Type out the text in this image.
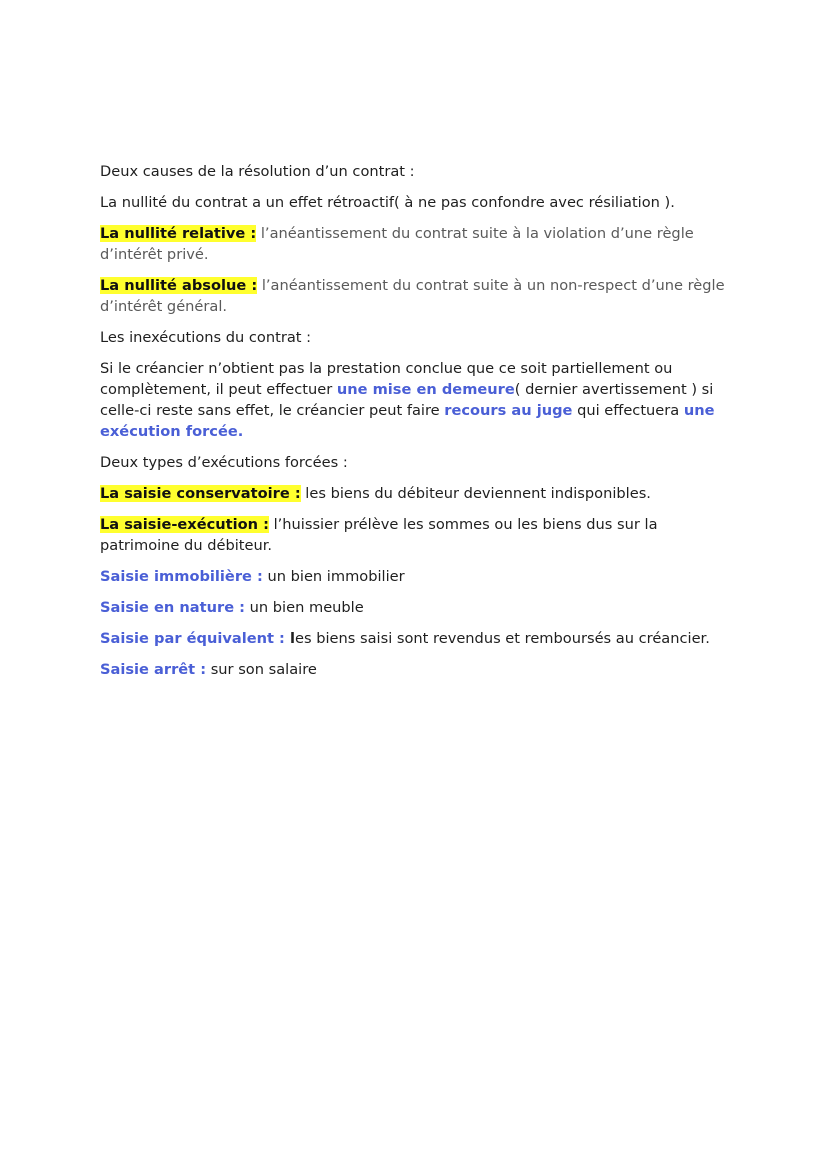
Deux causes de la résolution d’un contrat :

La nullité du contrat a un effet rétroactif( à ne pas confondre avec résiliation ).

La nullité relative : l’anéantissement du contrat suite à la violation d’une règle d’intérêt privé.

La nullité absolue : l’anéantissement du contrat suite à un non-respect d’une règle d’intérêt général.

Les inexécutions du contrat :

Si le créancier n’obtient pas la prestation conclue que ce soit partiellement ou complètement, il peut effectuer une mise en demeure( dernier avertissement ) si celle-ci reste sans effet, le créancier peut faire recours au juge qui effectuera une exécution forcée.

Deux types d’exécutions forcées :

La saisie conservatoire : les biens du débiteur deviennent indisponibles.

La saisie-exécution : l’huissier prélève les sommes ou les biens dus sur la patrimoine du débiteur.

Saisie immobilière : un bien immobilier

Saisie en nature : un bien meuble

Saisie par équivalent : les biens saisi sont revendus et remboursés au créancier.

Saisie arrêt : sur son salaire
